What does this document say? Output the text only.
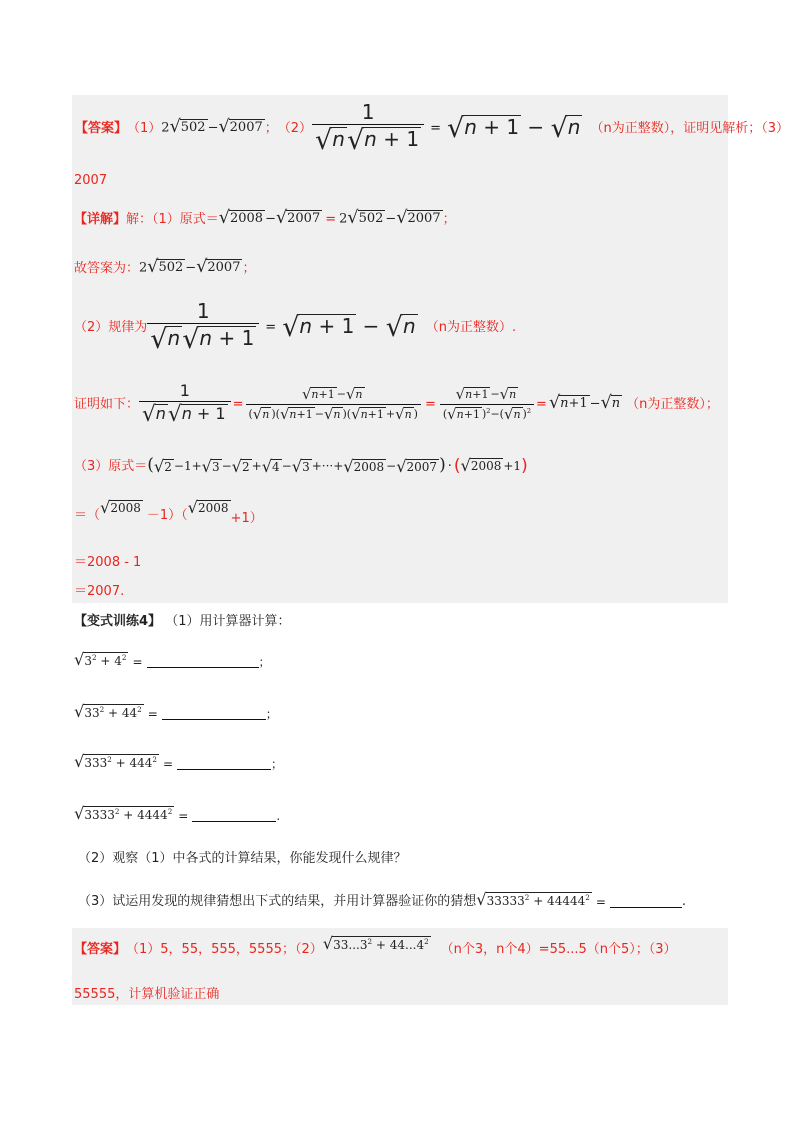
【答案】 （1） 2 √ 502 − √ 2007 ； $(2) \frac{1}{√ n √ n + 1}$ = √ n + 1 − √ n （n为正整数），证明见解析；（3）
2007
【详解】 解：（1）原式＝ √ 2008 − √ 2007 = 2 √ 502 − √ 2007 ；
故答案为： 2 √ 502 − √ 2007 ；
（2）规律为 $\frac{1}{√ n √ n + 1}$ = √ n + 1 − √ n （n为正整数）.
证明如下： $\frac{1}{√ n √ n + 1} = \frac{√ n+1 - √ n}{( √ n )( √ n+1 - √ n )( √ n+1 + √ n )} = \frac{√ n+1 - √ n}{( √ n+1 )^2-( √ n )^2}$ = √ n+1 − √ n （n为正整数）；
（3）原式＝ ( √ 2 −1+ √ 3 − √ 2 + √ 4 − √ 3 +···+ √ 2008 − √ 2007 ) · ( √ 2008 +1 )
＝（ √ 2008 －1）（ √ 2008
+1）
＝2008 ‐ 1
＝2007.
【变式训练4】 （1）用计算器计算：
√ $3^2 + 4^2$ =	；
√ $33^2 + 44^2$ =	；
√ $333^2 + 444^2$ =	；
√ $3333^2 + 4444^2$ =	.
（2）观察（1）中各式的计算结果，你能发现什么规律？
（3）试运用发现的规律猜想出下式的结果，并用计算器验证你的猜想 √ $33333^2 + 44444^2$ =	.
【答案】 （1）5，55，555，5555；（2） √ $33...3^2 + 44...4^2$
（n个3，n个4）=55...5（n个5）；（3）
55555，计算机验证正确
